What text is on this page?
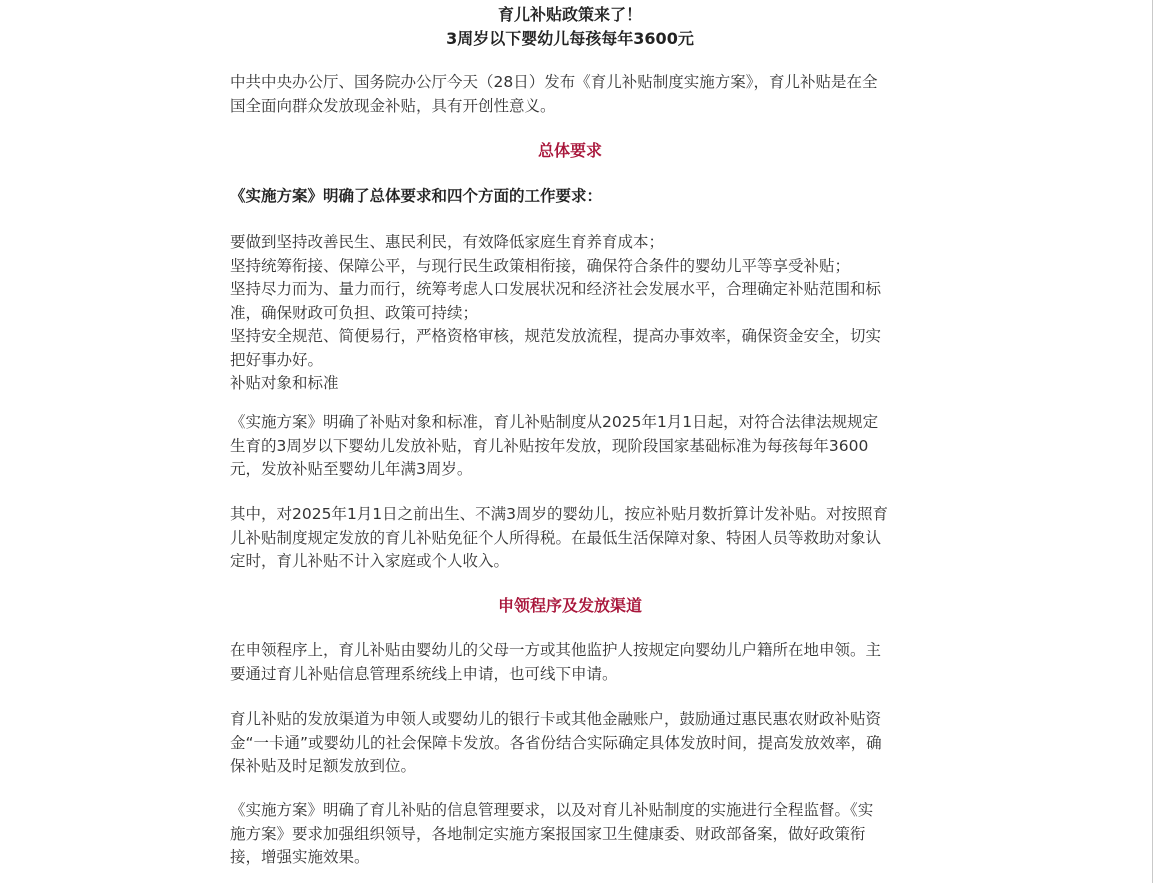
育儿补贴政策来了！
3周岁以下婴幼儿每孩每年3600元
中共中央办公厅、国务院办公厅今天（28日）发布《育儿补贴制度实施方案》，育儿补贴是在全
国全面向群众发放现金补贴，具有开创性意义。
总体要求
《实施方案》明确了总体要求和四个方面的工作要求：
要做到坚持改善民生、惠民利民，有效降低家庭生育养育成本；
坚持统筹衔接、保障公平，与现行民生政策相衔接，确保符合条件的婴幼儿平等享受补贴；
坚持尽力而为、量力而行，统筹考虑人口发展状况和经济社会发展水平，合理确定补贴范围和标
准，确保财政可负担、政策可持续；
坚持安全规范、简便易行，严格资格审核，规范发放流程，提高办事效率，确保资金安全，切实
把好事办好。
补贴对象和标准
《实施方案》明确了补贴对象和标准，育儿补贴制度从2025年1月1日起，对符合法律法规规定
生育的3周岁以下婴幼儿发放补贴，育儿补贴按年发放，现阶段国家基础标准为每孩每年3600
元，发放补贴至婴幼儿年满3周岁。
其中，对2025年1月1日之前出生、不满3周岁的婴幼儿，按应补贴月数折算计发补贴。对按照育
儿补贴制度规定发放的育儿补贴免征个人所得税。在最低生活保障对象、特困人员等救助对象认
定时，育儿补贴不计入家庭或个人收入。
申领程序及发放渠道
在申领程序上，育儿补贴由婴幼儿的父母一方或其他监护人按规定向婴幼儿户籍所在地申领。主
要通过育儿补贴信息管理系统线上申请，也可线下申请。
育儿补贴的发放渠道为申领人或婴幼儿的银行卡或其他金融账户，鼓励通过惠民惠农财政补贴资
金“一卡通”或婴幼儿的社会保障卡发放。各省份结合实际确定具体发放时间，提高发放效率，确
保补贴及时足额发放到位。
《实施方案》明确了育儿补贴的信息管理要求，以及对育儿补贴制度的实施进行全程监督。《实
施方案》要求加强组织领导，各地制定实施方案报国家卫生健康委、财政部备案，做好政策衔
接，增强实施效果。
